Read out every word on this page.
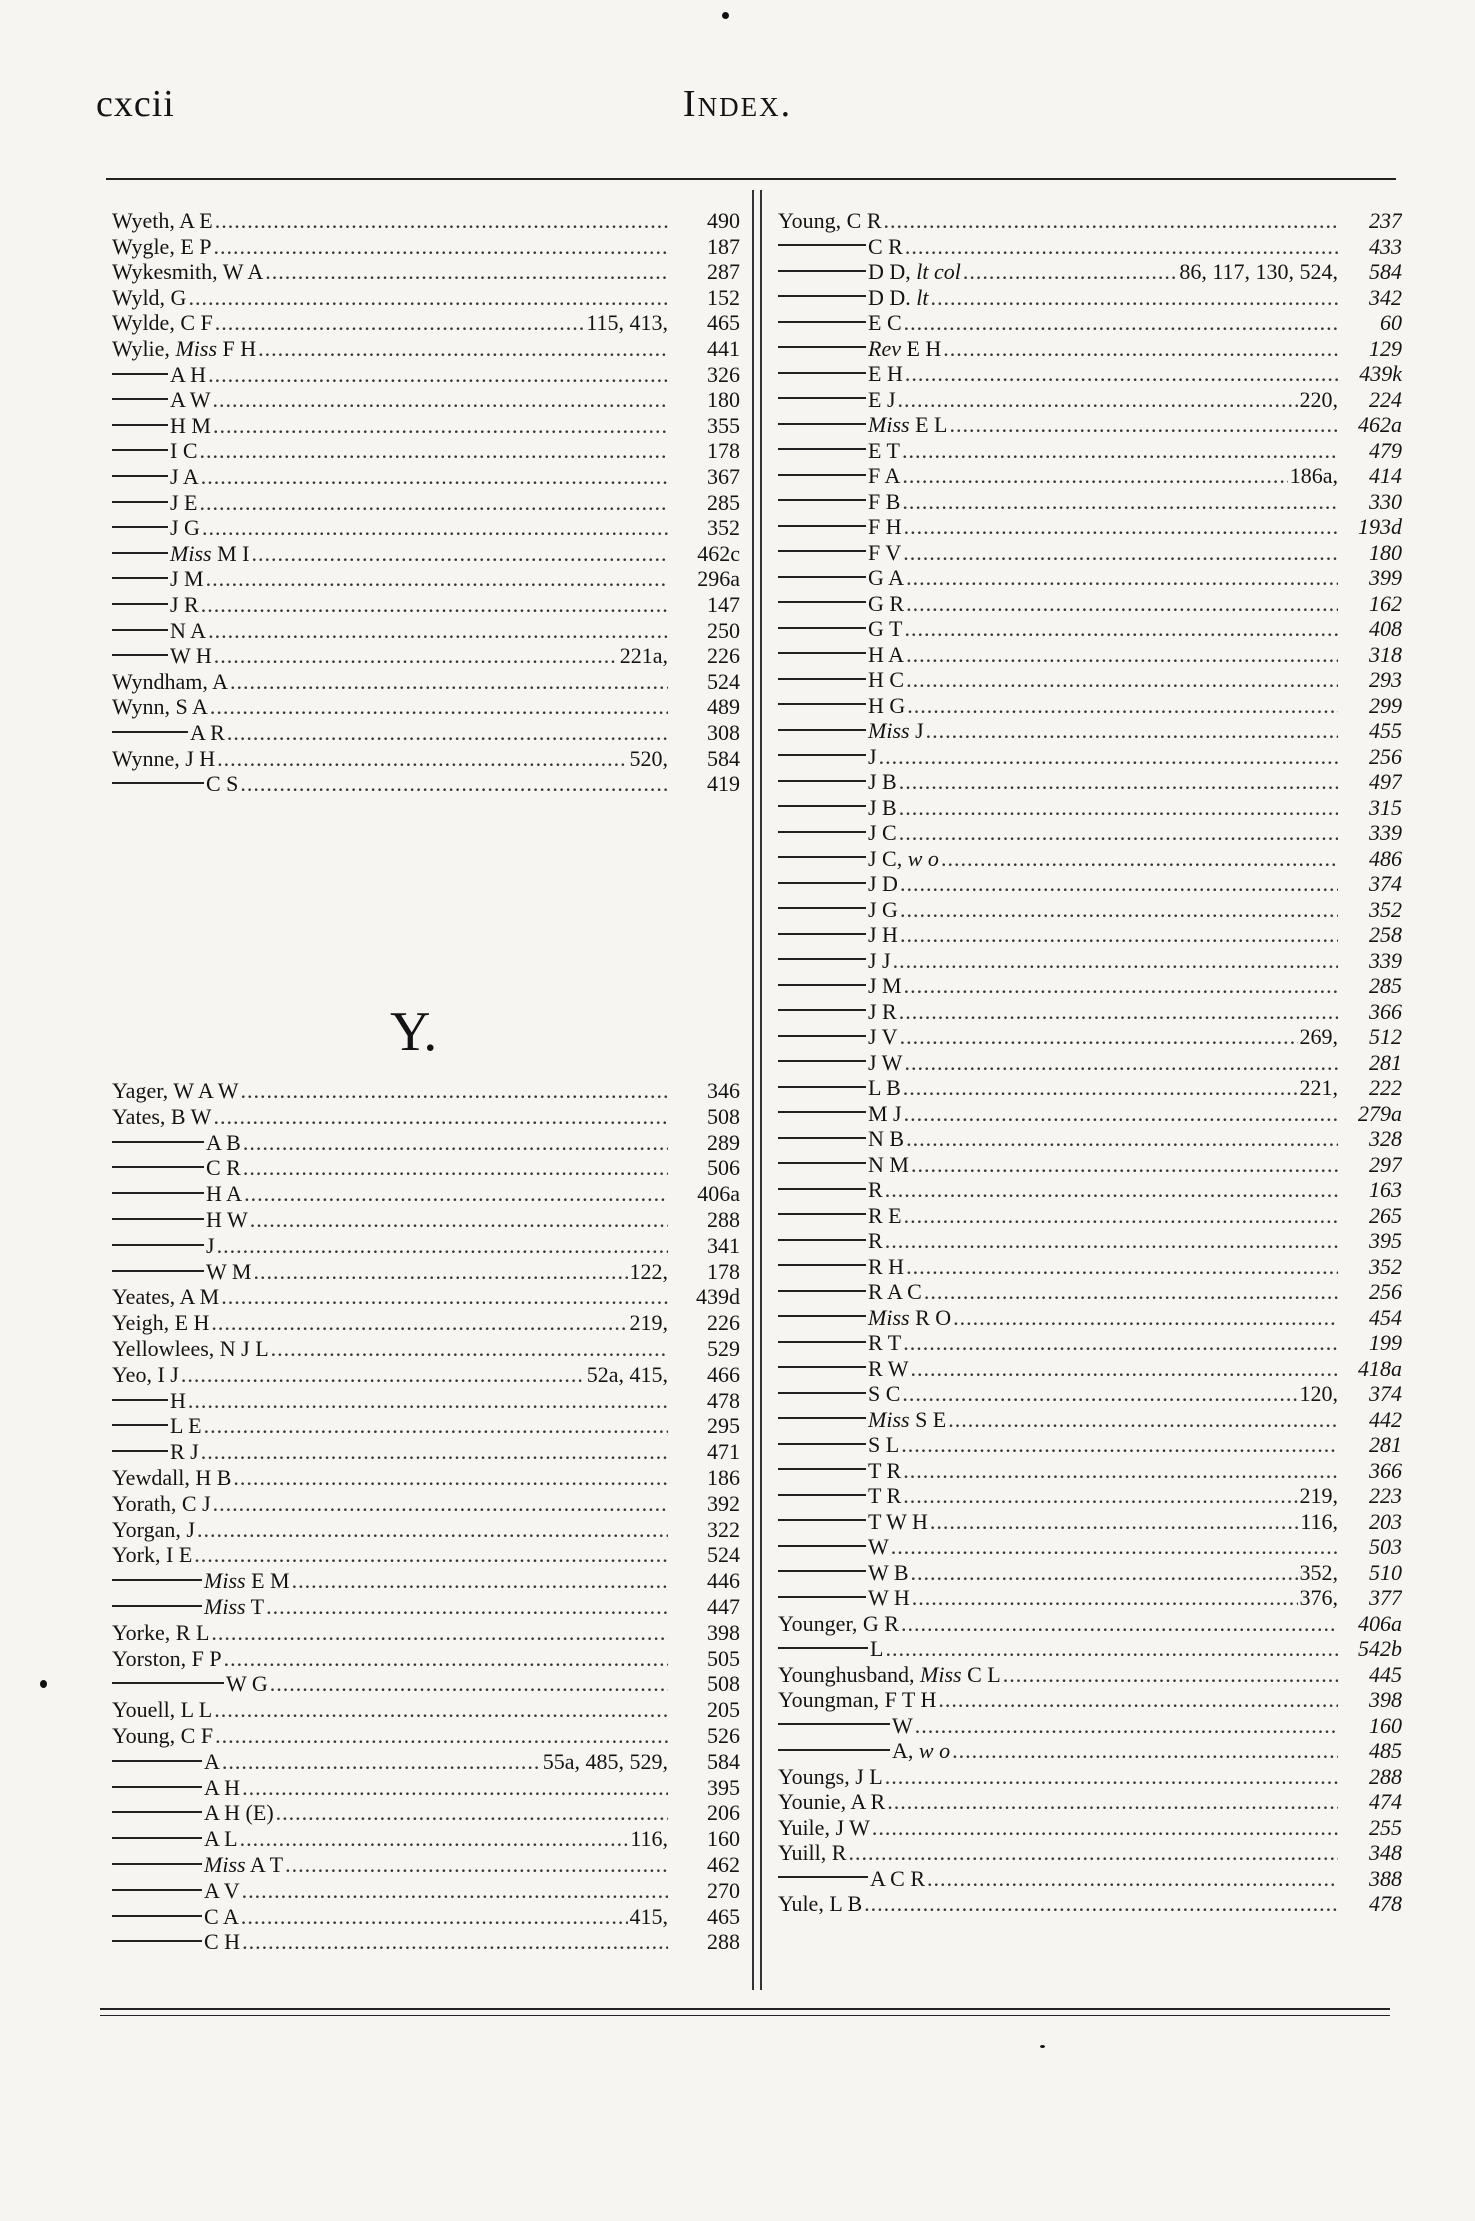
cxcii	Index.
Y.
Wyeth, A E .....	490
Wygle, E P .....	187
Wykesmith, W A .....	287
Wyld, G .....	152
Wylde, C F .....	115, 413,	465
Wylie, Miss F H .....	441
A H .....	326
A W .....	180
H M .....	355
I C .....	178
J A .....	367
J E .....	285
J G .....	352
Miss M I .....	462c
J M .....	296a
J R .....	147
N A .....	250
W H .....	221a,	226
Wyndham, A .....	524
Wynn, S A .....	489
A R .....	308
Wynne, J H .....	520,	584
C S .....	419
Yager, W A W .....	346
Yates, B W .....	508
A B .....	289
C R .....	506
H A .....	406a
H W .....	288
J .....	341
W M .....	122,	178
Yeates, A M .....	439d
Yeigh, E H .....	219,	226
Yellowlees, N J L .....	529
Yeo, I J .....	52a, 415,	466
H .....	478
L E .....	295
R J .....	471
Yewdall, H B .....	186
Yorath, C J .....	392
Yorgan, J .....	322
York, I E .....	524
Miss E M .....	446
Miss T .....	447
Yorke, R L .....	398
Yorston, F P .....	505
W G .....	508
Youell, L L .....	205
Young, C F .....	526
A .....	55a, 485, 529,	584
A H .....	395
A H (E) .....	206
A L .....	116,	160
Miss A T .....	462
A V .....	270
C A .....	415,	465
C H .....	288
Young, C R .....	237
C R .....	433
D D, lt col .....	86, 117, 130, 524,	584
D D. lt .....	342
E C .....	60
Rev E H .....	129
E H .....	439k
E J .....	220,	224
Miss E L .....	462a
E T .....	479
F A .....	186a,	414
F B .....	330
F H .....	193d
F V .....	180
G A .....	399
G R .....	162
G T .....	408
H A .....	318
H C .....	293
H G .....	299
Miss J .....	455
J .....	256
J B .....	497
J B .....	315
J C .....	339
J C, w o .....	486
J D .....	374
J G .....	352
J H .....	258
J J .....	339
J M .....	285
J R .....	366
J V .....	269,	512
J W .....	281
L B .....	221,	222
M J .....	279a
N B .....	328
N M .....	297
R .....	163
R E .....	265
R .....	395
R H .....	352
R A C .....	256
Miss R O .....	454
R T .....	199
R W .....	418a
S C .....	120,	374
Miss S E .....	442
S L .....	281
T R .....	366
T R .....	219,	223
T W H .....	116,	203
W .....	503
W B .....	352,	510
W H .....	376,	377
Younger, G R .....	406a
L .....	542b
Younghusband, Miss C L .....	445
Youngman, F T H .....	398
W .....	160
A, w o .....	485
Youngs, J L .....	288
Younie, A R .....	474
Yuile, J W .....	255
Yuill, R .....	348
A C R .....	388
Yule, L B .....	478
